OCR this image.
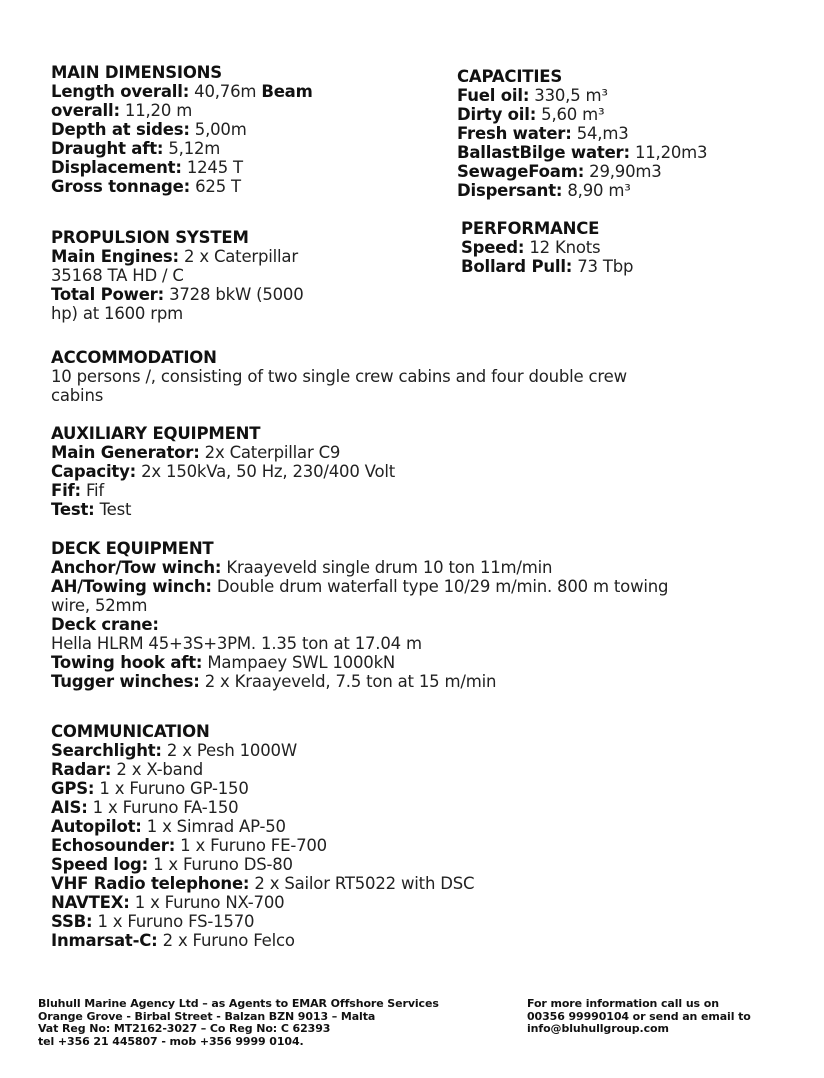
MAIN DIMENSIONS
Length overall: 40,76m Beam
overall: 11,20 m
Depth at sides: 5,00m
Draught aft: 5,12m
Displacement: 1245 T
Gross tonnage: 625 T
CAPACITIES
Fuel oil: 330,5 m³
Dirty oil: 5,60 m³
Fresh water: 54,m3
BallastBilge water: 11,20m3
SewageFoam: 29,90m3
Dispersant: 8,90 m³
PERFORMANCE
Speed: 12 Knots
Bollard Pull: 73 Tbp
PROPULSION SYSTEM
Main Engines: 2 x Caterpillar
35168 TA HD / C
Total Power: 3728 bkW (5000
hp) at 1600 rpm
ACCOMMODATION
10 persons /, consisting of two single crew cabins and four double crew
cabins
AUXILIARY EQUIPMENT
Main Generator: 2x Caterpillar C9
Capacity: 2x 150kVa, 50 Hz, 230/400 Volt
Fif: Fif
Test: Test
DECK EQUIPMENT
Anchor/Tow winch: Kraayeveld single drum 10 ton 11m/min
AH/Towing winch: Double drum waterfall type 10/29 m/min. 800 m towing
wire, 52mm
Deck crane:
Hella HLRM 45+3S+3PM. 1.35 ton at 17.04 m
Towing hook aft: Mampaey SWL 1000kN
Tugger winches: 2 x Kraayeveld, 7.5 ton at 15 m/min
COMMUNICATION
Searchlight: 2 x Pesh 1000W
Radar: 2 x X-band
GPS: 1 x Furuno GP-150
AIS: 1 x Furuno FA-150
Autopilot: 1 x Simrad AP-50
Echosounder: 1 x Furuno FE-700
Speed log: 1 x Furuno DS-80
VHF Radio telephone: 2 x Sailor RT5022 with DSC
NAVTEX: 1 x Furuno NX-700
SSB: 1 x Furuno FS-1570
Inmarsat-C: 2 x Furuno Felco
Bluhull Marine Agency Ltd – as Agents to EMAR Offshore Services
Orange Grove - Birbal Street - Balzan BZN 9013 – Malta
Vat Reg No: MT2162-3027 – Co Reg No: C 62393
tel +356 21 445807 - mob +356 9999 0104.
For more information call us on
00356 99990104 or send an email to
info@bluhullgroup.com
